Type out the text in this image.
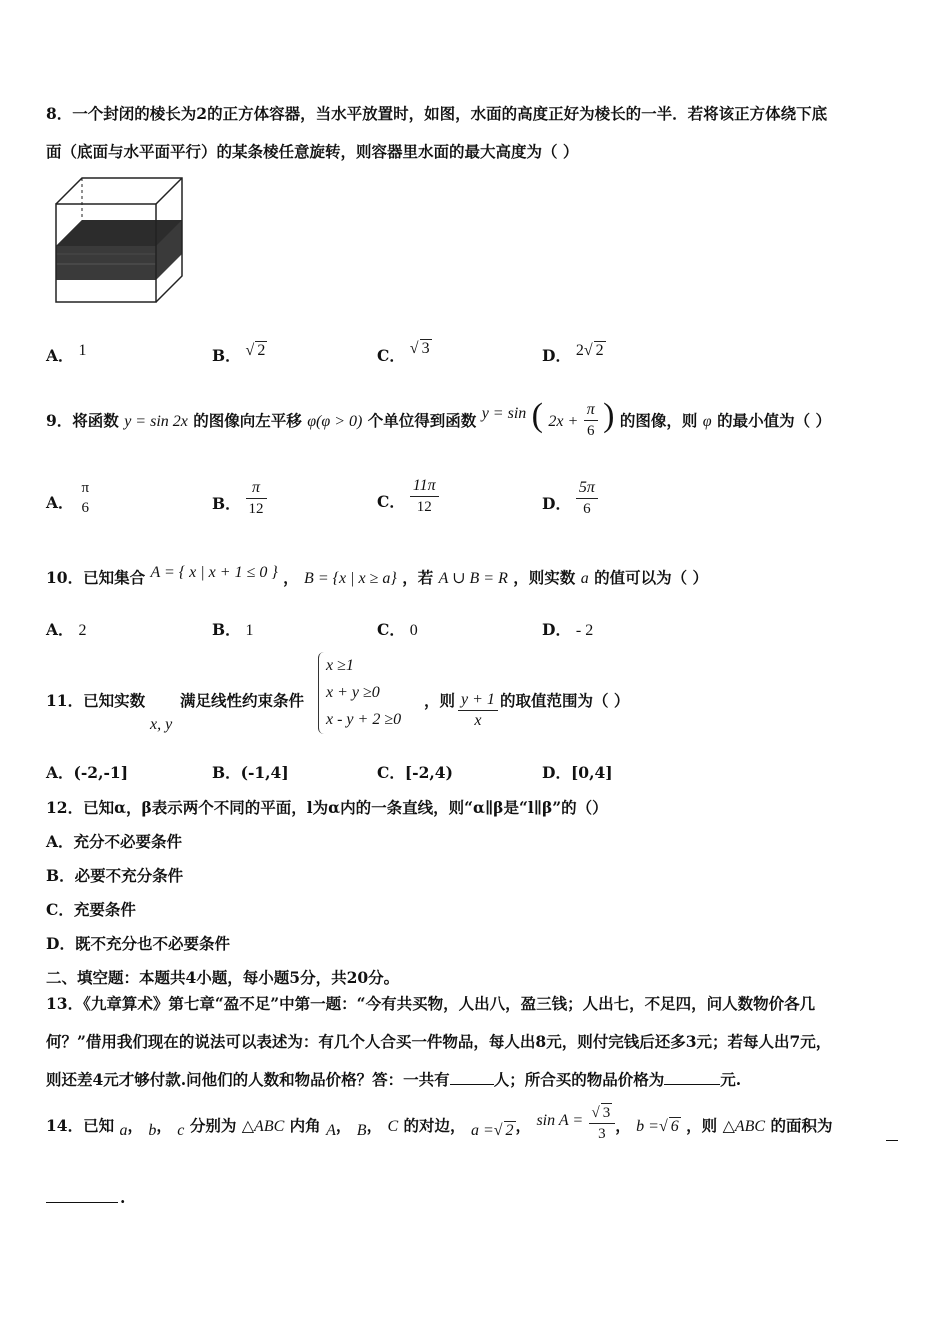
8．一个封闭的棱长为2的正方体容器，当水平放置时，如图，水面的高度正好为棱长的一半．若将该正方体绕下底
面（底面与水平面平行）的某条棱任意旋转，则容器里水面的最大高度为（ ）
A． 1	B． √ 2	C． √ 3	D． 2√ 2
9．将函数 y = sin 2x 的图像向左平移 φ(φ > 0) 个单位得到函数 y = sin ( $2x + \frac{\pi}{6}$ ) 的图像，则 φ 的最小值为（ ）
A．
π
6	B． $\frac{\pi}{12}$	C． $\frac{11\pi}{12}$	D． $\frac{5\pi}{6}$
10．已知集合 A = { x | x + 1 ≤ 0 } ， B = {x | x ≥ a} ，若 A ∪ B = R ，则实数 a 的值可以为（ ）
A． 2	B． 1	C． 0	D． - 2
11．已知实数
x, y
满足线性约束条件
x ≥1
x + y ≥0
x - y + 2 ≥0
，则 $\frac{y + 1}{x}$ 的取值范围为（ ）
A．(-2,-1]	B．(-1,4]	C．[-2,4)	D．[0,4]
12．已知α，β表示两个不同的平面，l为α内的一条直线，则“α∥β是“l∥β”的（）
A．充分不必要条件
B．必要不充分条件
C．充要条件
D．既不充分也不必要条件
二、填空题：本题共4小题，每小题5分，共20分。
13．《九章算术》第七章“盈不足”中第一题：“今有共买物，人出八，盈三钱；人出七，不足四，问人数物价各几
何？”借用我们现在的说法可以表述为：有几个人合买一件物品，每人出8元，则付完钱后还多3元；若每人出7元，
则还差4元才够付款.问他们的人数和物品价格？答：一共有	人；所合买的物品价格为	元.
14．已知 a， b， c 分别为 △ABC 内角 A， B， C 的对边， a =√ 2 ， $\sin A = \frac{√ 3}{3}$ ， b =√ 6 ，则 △ABC 的面积为
.
